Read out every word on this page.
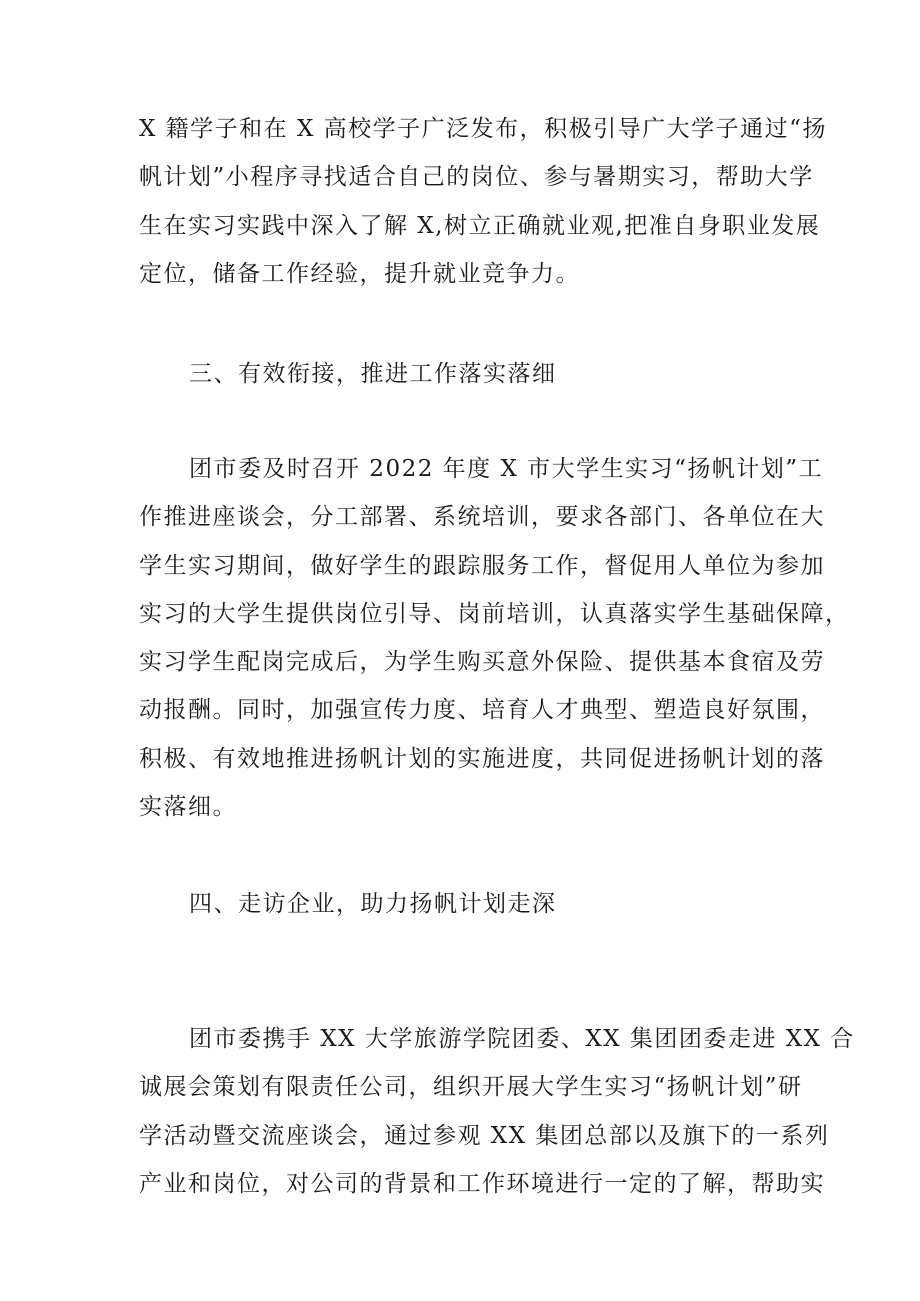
X 籍学子和在 X 高校学子广泛发布，积极引导广大学子通过“扬
帆计划”小程序寻找适合自己的岗位、参与暑期实习，帮助大学
生在实习实践中深入了解 X,树立正确就业观,把准自身职业发展
定位，储备工作经验，提升就业竞争力。
三、有效衔接，推进工作落实落细
团市委及时召开 2022 年度 X 市大学生实习“扬帆计划”工
作推进座谈会，分工部署、系统培训，要求各部门、各单位在大
学生实习期间，做好学生的跟踪服务工作，督促用人单位为参加
实习的大学生提供岗位引导、岗前培训，认真落实学生基础保障，
实习学生配岗完成后，为学生购买意外保险、提供基本食宿及劳
动报酬。同时，加强宣传力度、培育人才典型、塑造良好氛围，
积极、有效地推进扬帆计划的实施进度，共同促进扬帆计划的落
实落细。
四、走访企业，助力扬帆计划走深
团市委携手 XX 大学旅游学院团委、XX 集团团委走进 XX 合
诚展会策划有限责任公司，组织开展大学生实习“扬帆计划”研
学活动暨交流座谈会，通过参观 XX 集团总部以及旗下的一系列
产业和岗位，对公司的背景和工作环境进行一定的了解，帮助实
